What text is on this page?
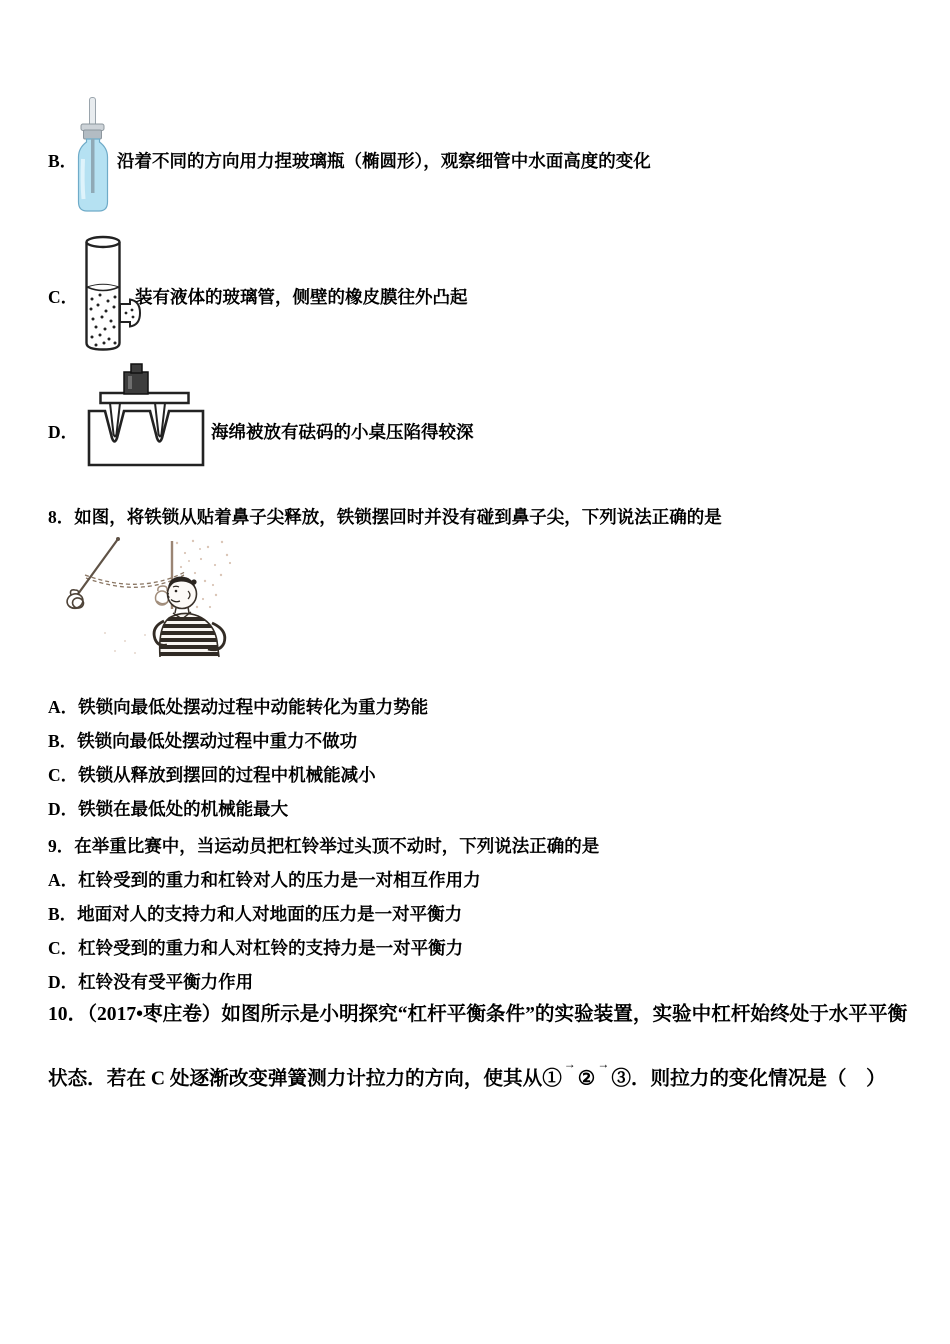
B． 沿着不同的方向用力捏玻璃瓶（椭圆形），观察细管中水面高度的变化
C．	装有液体的玻璃管，侧壁的橡皮膜往外凸起
D．	海绵被放有砝码的小桌压陷得较深
8．如图，将铁锁从贴着鼻子尖释放，铁锁摆回时并没有碰到鼻子尖，下列说法正确的是
A．铁锁向最低处摆动过程中动能转化为重力势能
B．铁锁向最低处摆动过程中重力不做功
C．铁锁从释放到摆回的过程中机械能减小
D．铁锁在最低处的机械能最大
9．在举重比赛中，当运动员把杠铃举过头顶不动时，下列说法正确的是
A．杠铃受到的重力和杠铃对人的压力是一对相互作用力
B．地面对人的支持力和人对地面的压力是一对平衡力
C．杠铃受到的重力和人对杠铃的支持力是一对平衡力
D．杠铃没有受平衡力作用
10．（2017•枣庄卷）如图所示是小明探究“杠杆平衡条件”的实验装置，实验中杠杆始终处于水平平衡
状态．若在 C 处逐渐改变弹簧测力计拉力的方向，使其从①→②→③．则拉力的变化情况是（　）
